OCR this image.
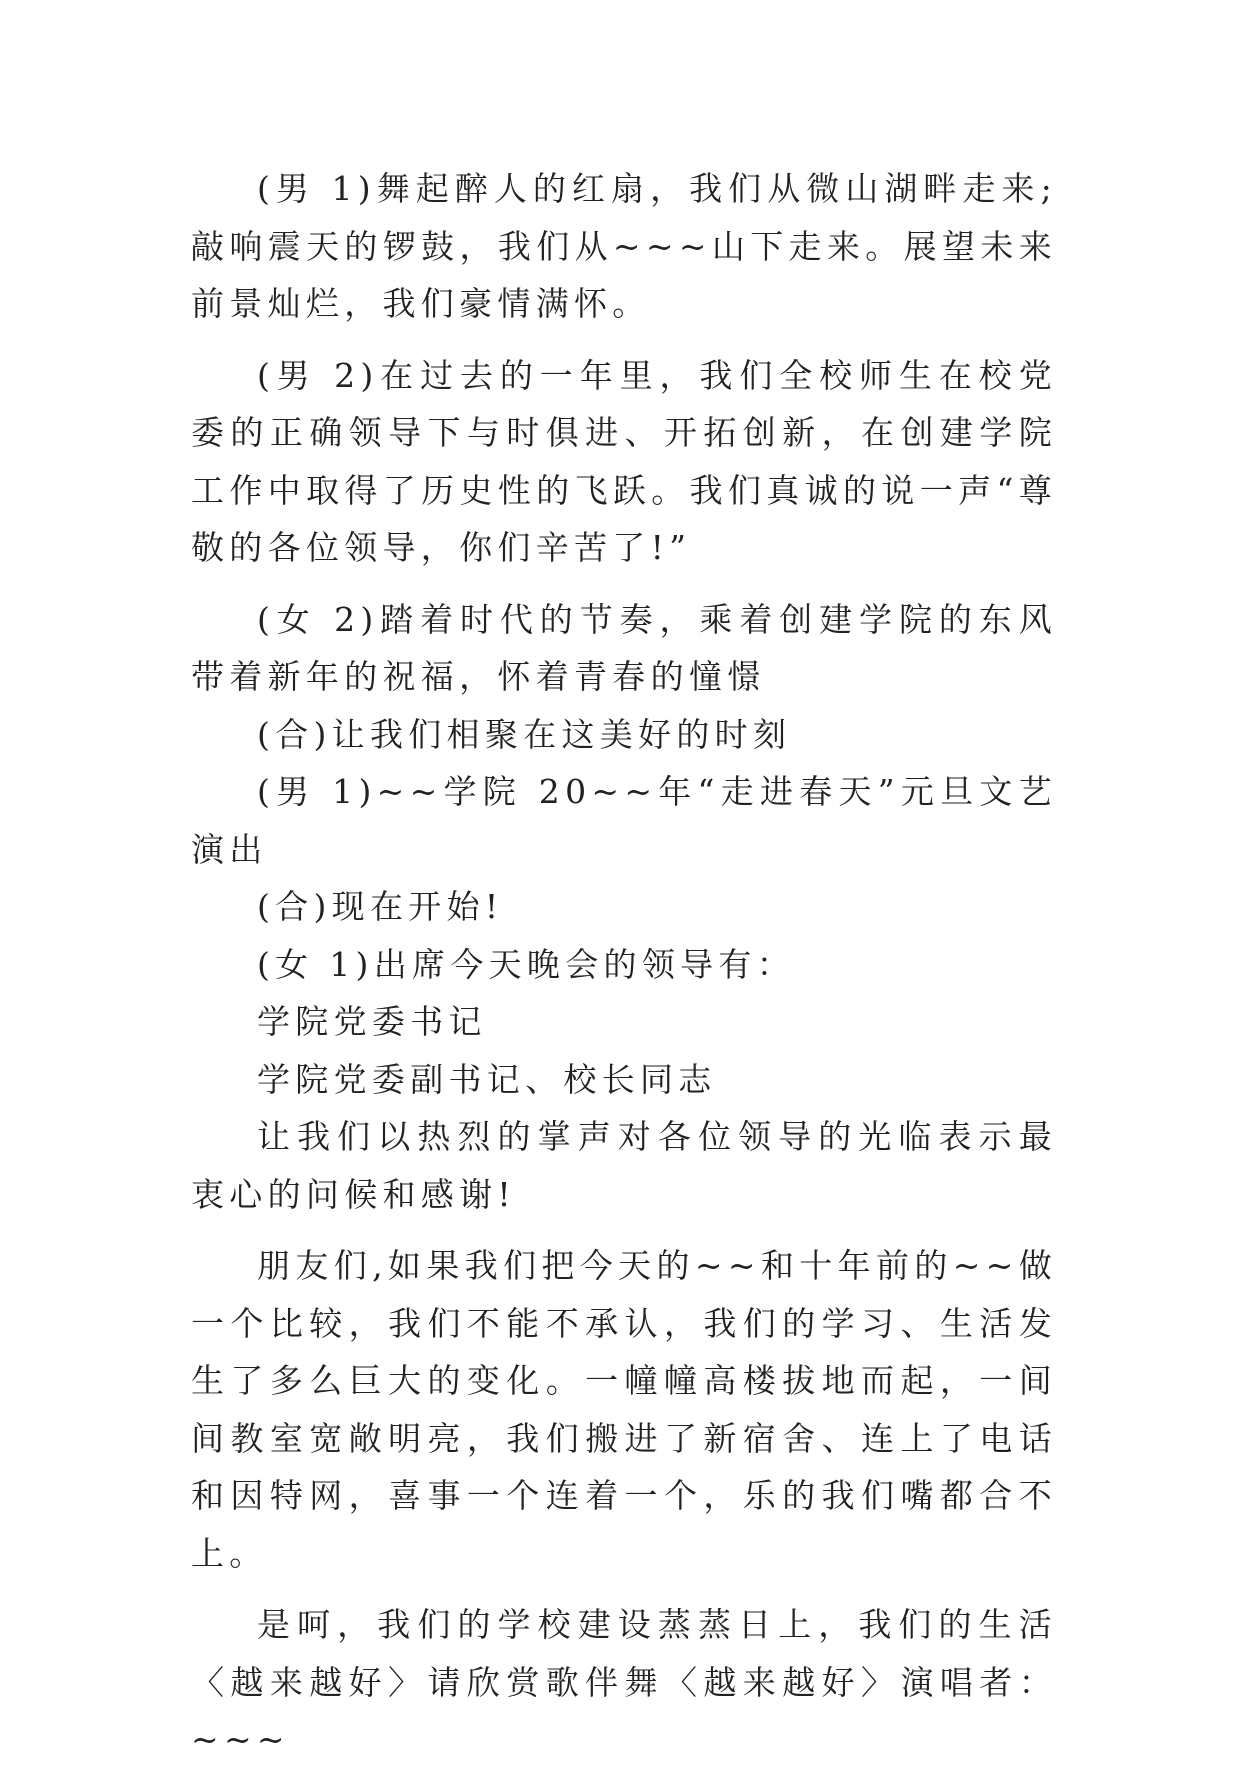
(男 1)舞起醉人的红扇，我们从微山湖畔走来;敲响震天的锣鼓，我们从~~~山下走来。展望未来前景灿烂，我们豪情满怀。

(男 2)在过去的一年里，我们全校师生在校党委的正确领导下与时俱进、开拓创新，在创建学院工作中取得了历史性的飞跃。我们真诚的说一声“尊敬的各位领导，你们辛苦了!”

(女 2)踏着时代的节奏，乘着创建学院的东风带着新年的祝福，怀着青春的憧憬

(合)让我们相聚在这美好的时刻

(男 1)~~学院 20~~年“走进春天”元旦文艺演出

(合)现在开始!

(女 1)出席今天晚会的领导有：

学院党委书记

学院党委副书记、校长同志

让我们以热烈的掌声对各位领导的光临表示最衷心的问候和感谢!

朋友们,如果我们把今天的~~和十年前的~~做一个比较，我们不能不承认，我们的学习、生活发生了多么巨大的变化。一幢幢高楼拔地而起，一间间教室宽敞明亮，我们搬进了新宿舍、连上了电话和因特网，喜事一个连着一个，乐的我们嘴都合不上。

是呵，我们的学校建设蒸蒸日上，我们的生活〈越来越好〉请欣赏歌伴舞〈越来越好〉演唱者：~~~
